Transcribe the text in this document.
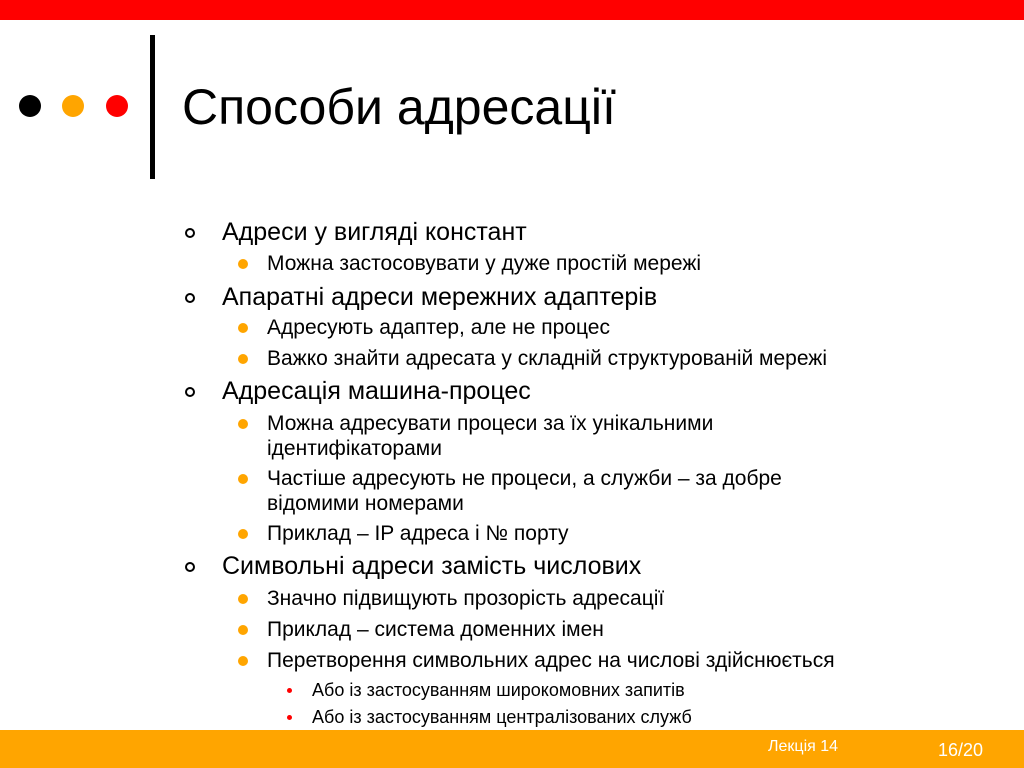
Способи адресації
Адреси у вигляді констант
Можна застосовувати у дуже простій мережі
Апаратні адреси мережних адаптерів
Адресують адаптер, але не процес
Важко знайти адресата у складній структурованій мережі
Адресація машина-процес
Можна адресувати процеси за їх унікальними
ідентифікаторами
Частіше адресують не процеси, а служби – за добре
відомими номерами
Приклад – IP адреса і № порту
Символьні адреси замість числових
Значно підвищують прозорість адресації
Приклад – система доменних імен
Перетворення символьних адрес на числові здійснюється
Або із застосуванням широкомовних запитів
Або із застосуванням централізованих служб
Лекція 14	16/20
